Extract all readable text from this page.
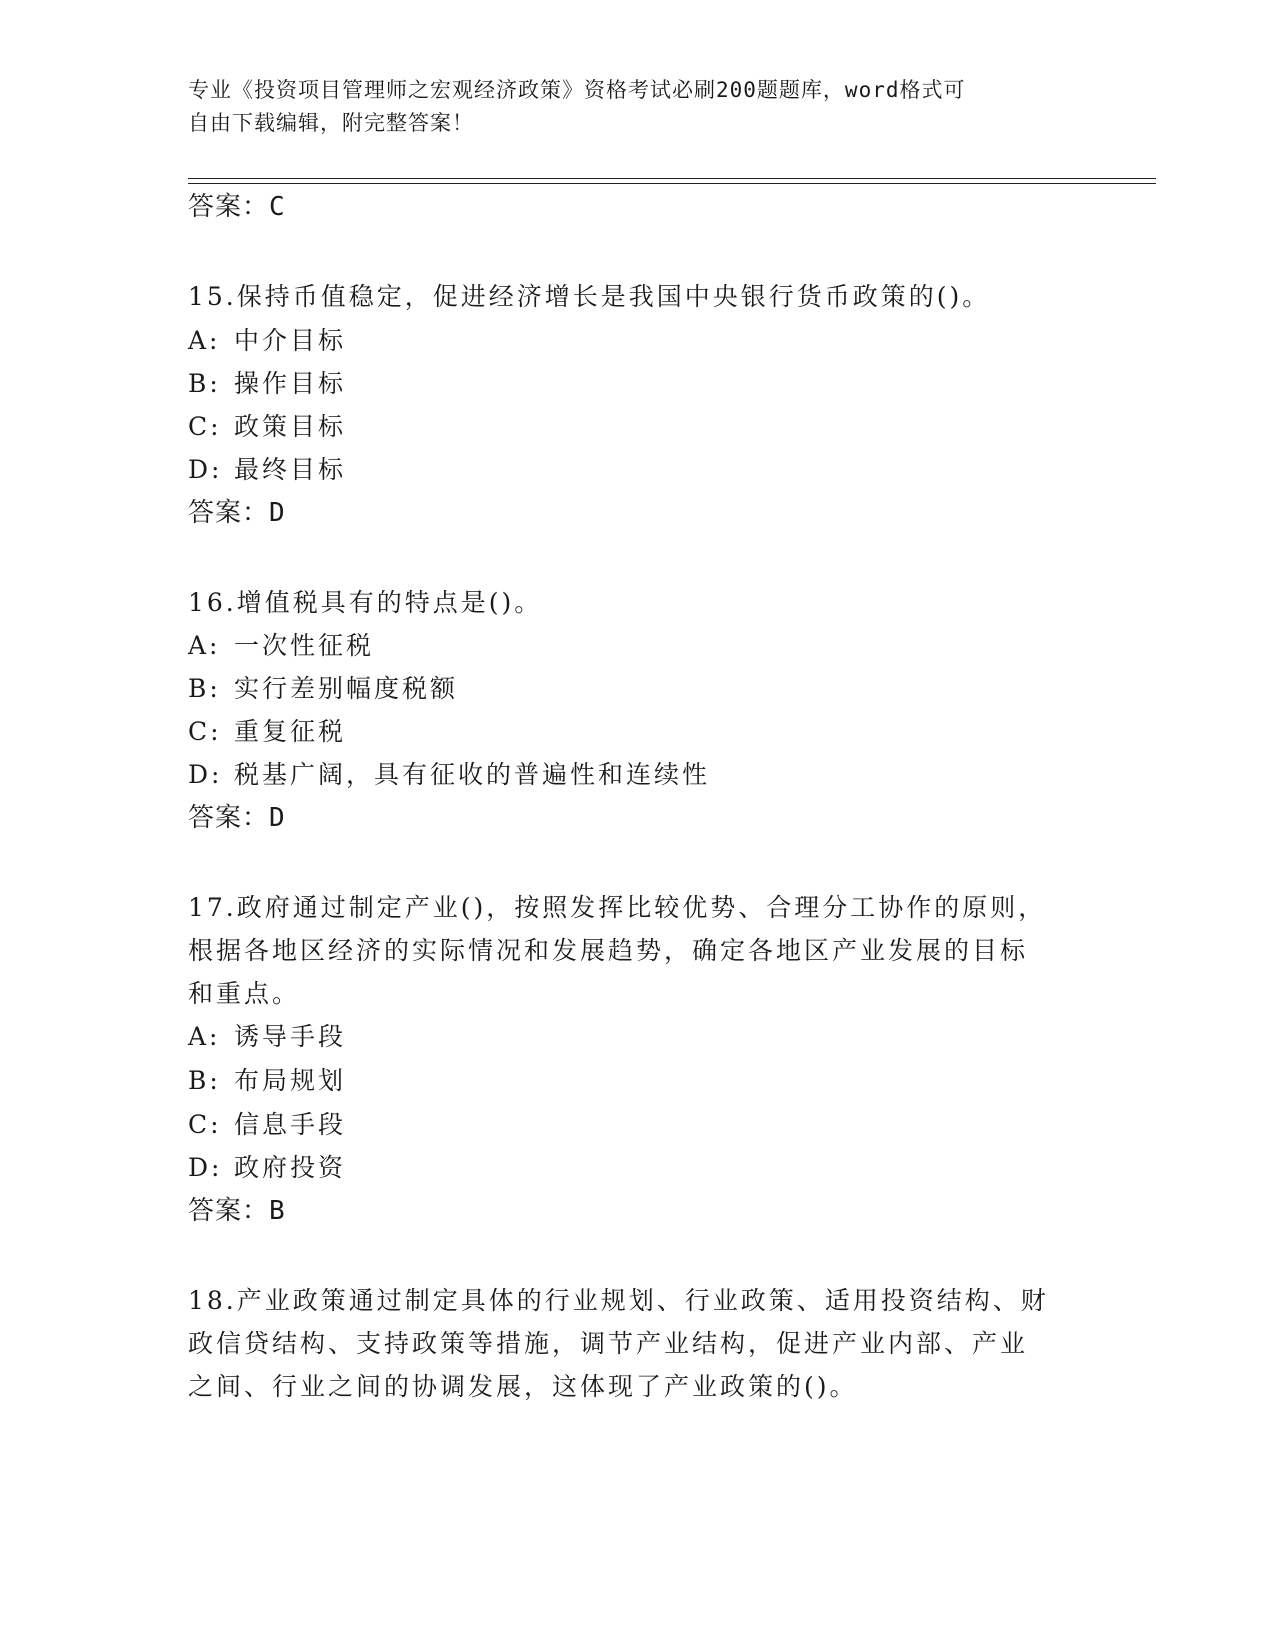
专业《投资项目管理师之宏观经济政策》资格考试必刷200题题库，word格式可
自由下载编辑，附完整答案！
答案：C
15.保持币值稳定，促进经济增长是我国中央银行货币政策的()。
A: 中介目标
B: 操作目标
C: 政策目标
D: 最终目标
答案：D
16.增值税具有的特点是()。
A: 一次性征税
B: 实行差别幅度税额
C: 重复征税
D: 税基广阔，具有征收的普遍性和连续性
答案：D
17.政府通过制定产业()，按照发挥比较优势、合理分工协作的原则，
根据各地区经济的实际情况和发展趋势，确定各地区产业发展的目标
和重点。
A: 诱导手段
B: 布局规划
C: 信息手段
D: 政府投资
答案：B
18.产业政策通过制定具体的行业规划、行业政策、适用投资结构、财
政信贷结构、支持政策等措施，调节产业结构，促进产业内部、产业
之间、行业之间的协调发展，这体现了产业政策的()。
